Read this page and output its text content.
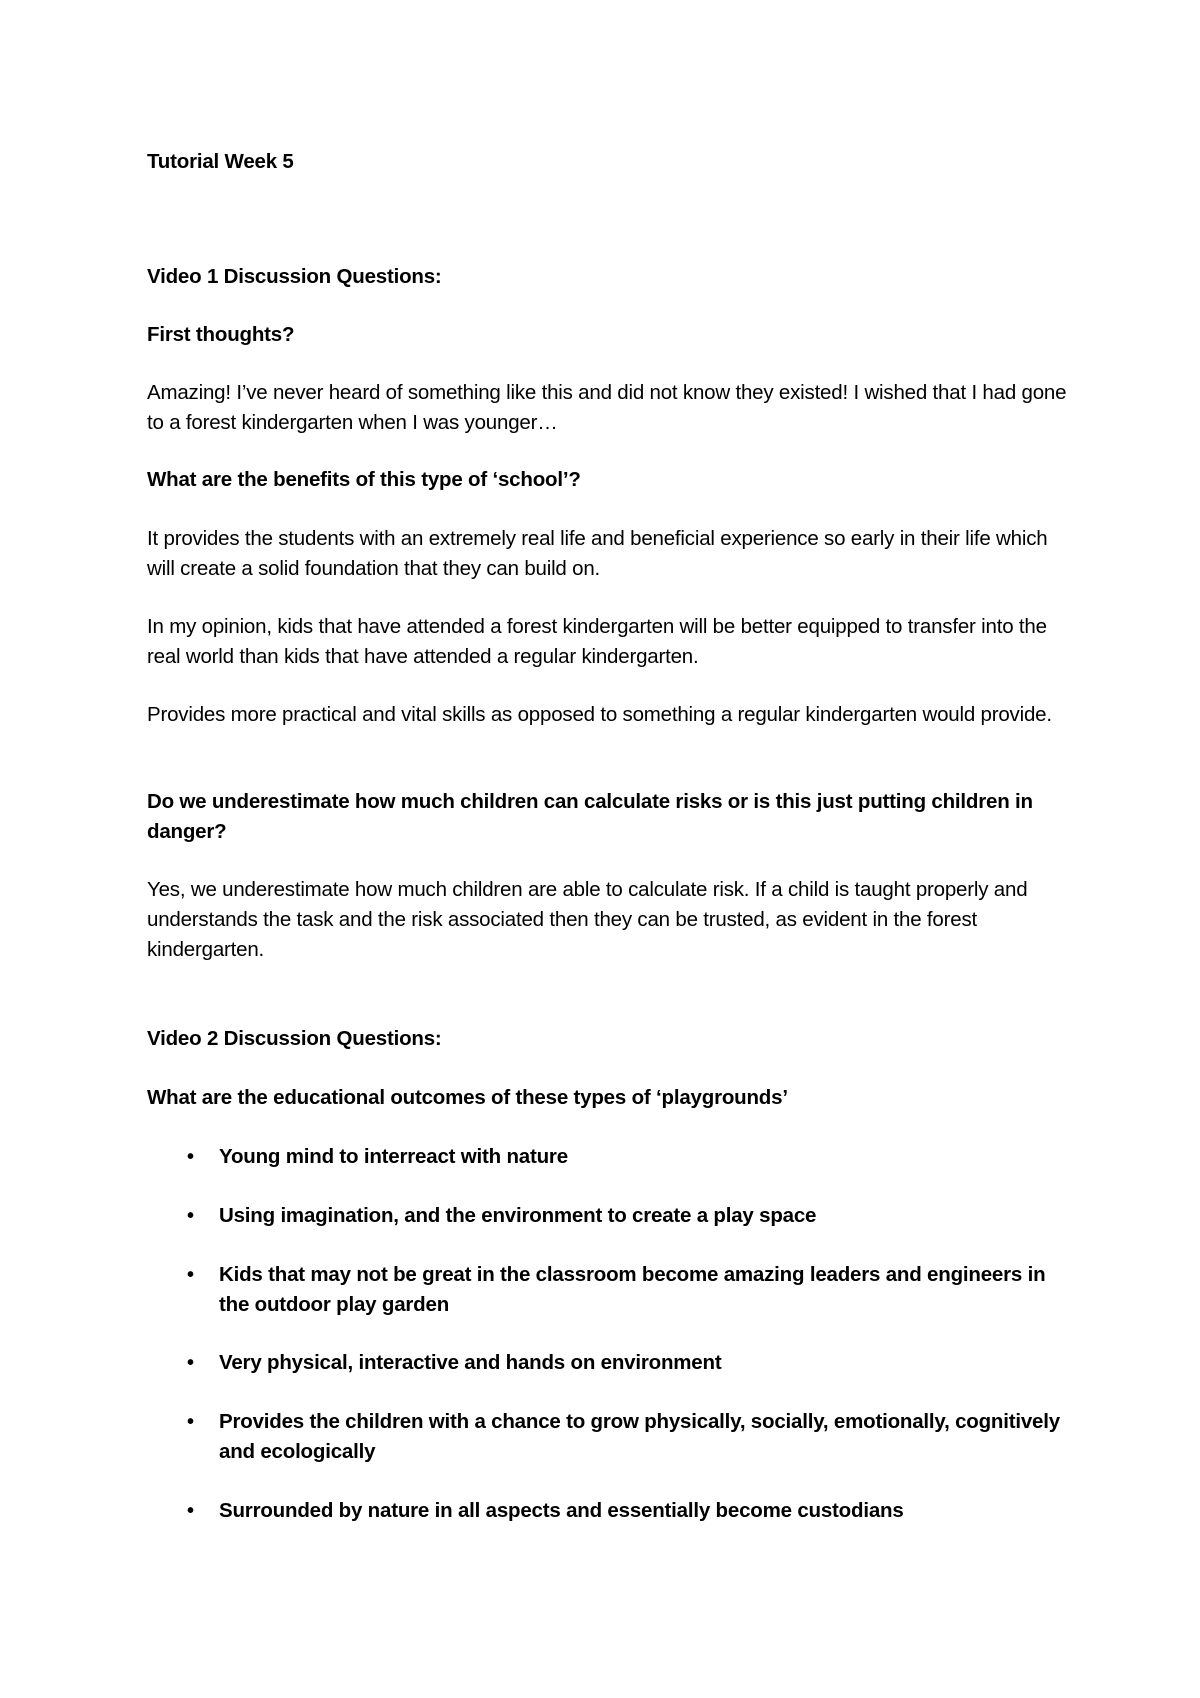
Tutorial Week 5

Video 1 Discussion Questions:

First thoughts?

Amazing! I’ve never heard of something like this and did not know they existed! I wished that I had gone to a forest kindergarten when I was younger…

What are the benefits of this type of ‘school’?

It provides the students with an extremely real life and beneficial experience so early in their life which will create a solid foundation that they can build on.

In my opinion, kids that have attended a forest kindergarten will be better equipped to transfer into the real world than kids that have attended a regular kindergarten.

Provides more practical and vital skills as opposed to something a regular kindergarten would provide.

Do we underestimate how much children can calculate risks or is this just putting children in danger?

Yes, we underestimate how much children are able to calculate risk. If a child is taught properly and understands the task and the risk associated then they can be trusted, as evident in the forest kindergarten.

Video 2 Discussion Questions:

What are the educational outcomes of these types of ‘playgrounds’

• Young mind to interreact with nature
• Using imagination, and the environment to create a play space
• Kids that may not be great in the classroom become amazing leaders and engineers in the outdoor play garden
• Very physical, interactive and hands on environment
• Provides the children with a chance to grow physically, socially, emotionally, cognitively and ecologically
• Surrounded by nature in all aspects and essentially become custodians
